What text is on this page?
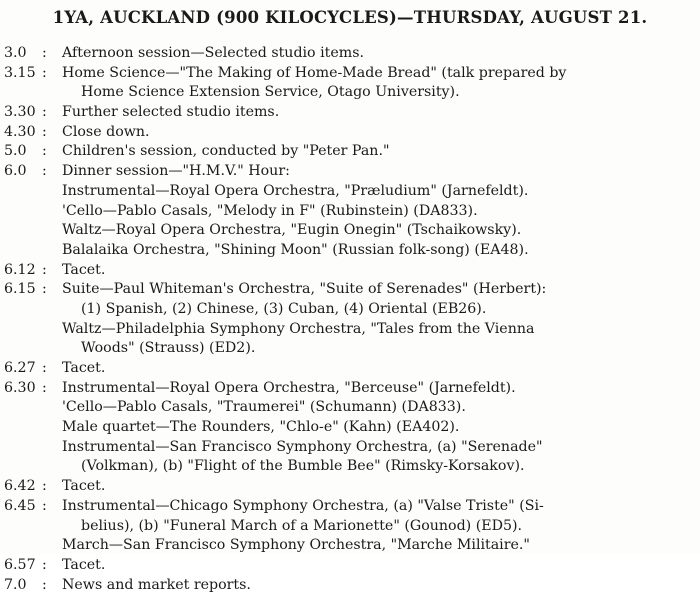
1YA, AUCKLAND (900 KILOCYCLES)—THURSDAY, AUGUST 21.
3.0	:	Afternoon session—Selected studio items.
3.15 :	Home Science—"The Making of Home-Made Bread" (talk prepared by
Home Science Extension Service, Otago University).
3.30 :	Further selected studio items.
4.30 :	Close down.
5.0	:	Children's session, conducted by "Peter Pan."
6.0	:	Dinner session—"H.M.V." Hour:
Instrumental—Royal Opera Orchestra, "Præludium" (Jarnefeldt).
'Cello—Pablo Casals, "Melody in F" (Rubinstein) (DA833).
Waltz—Royal Opera Orchestra, "Eugin Onegin" (Tschaikowsky).
Balalaika Orchestra, "Shining Moon" (Russian folk-song) (EA48).
6.12 :	Tacet.
6.15 :	Suite—Paul Whiteman's Orchestra, "Suite of Serenades" (Herbert):
(1) Spanish, (2) Chinese, (3) Cuban, (4) Oriental (EB26).
Waltz—Philadelphia Symphony Orchestra, "Tales from the Vienna
Woods" (Strauss) (ED2).
6.27 :	Tacet.
6.30 :	Instrumental—Royal Opera Orchestra, "Berceuse" (Jarnefeldt).
'Cello—Pablo Casals, "Traumerei" (Schumann) (DA833).
Male quartet—The Rounders, "Chlo-e" (Kahn) (EA402).
Instrumental—San Francisco Symphony Orchestra, (a) "Serenade"
(Volkman), (b) "Flight of the Bumble Bee" (Rimsky-Korsakov).
6.42 :	Tacet.
6.45 :	Instrumental—Chicago Symphony Orchestra, (a) "Valse Triste" (Si-
belius), (b) "Funeral March of a Marionette" (Gounod) (ED5).
March—San Francisco Symphony Orchestra, "Marche Militaire."
6.57 :	Tacet.
7.0	:	News and market reports.
